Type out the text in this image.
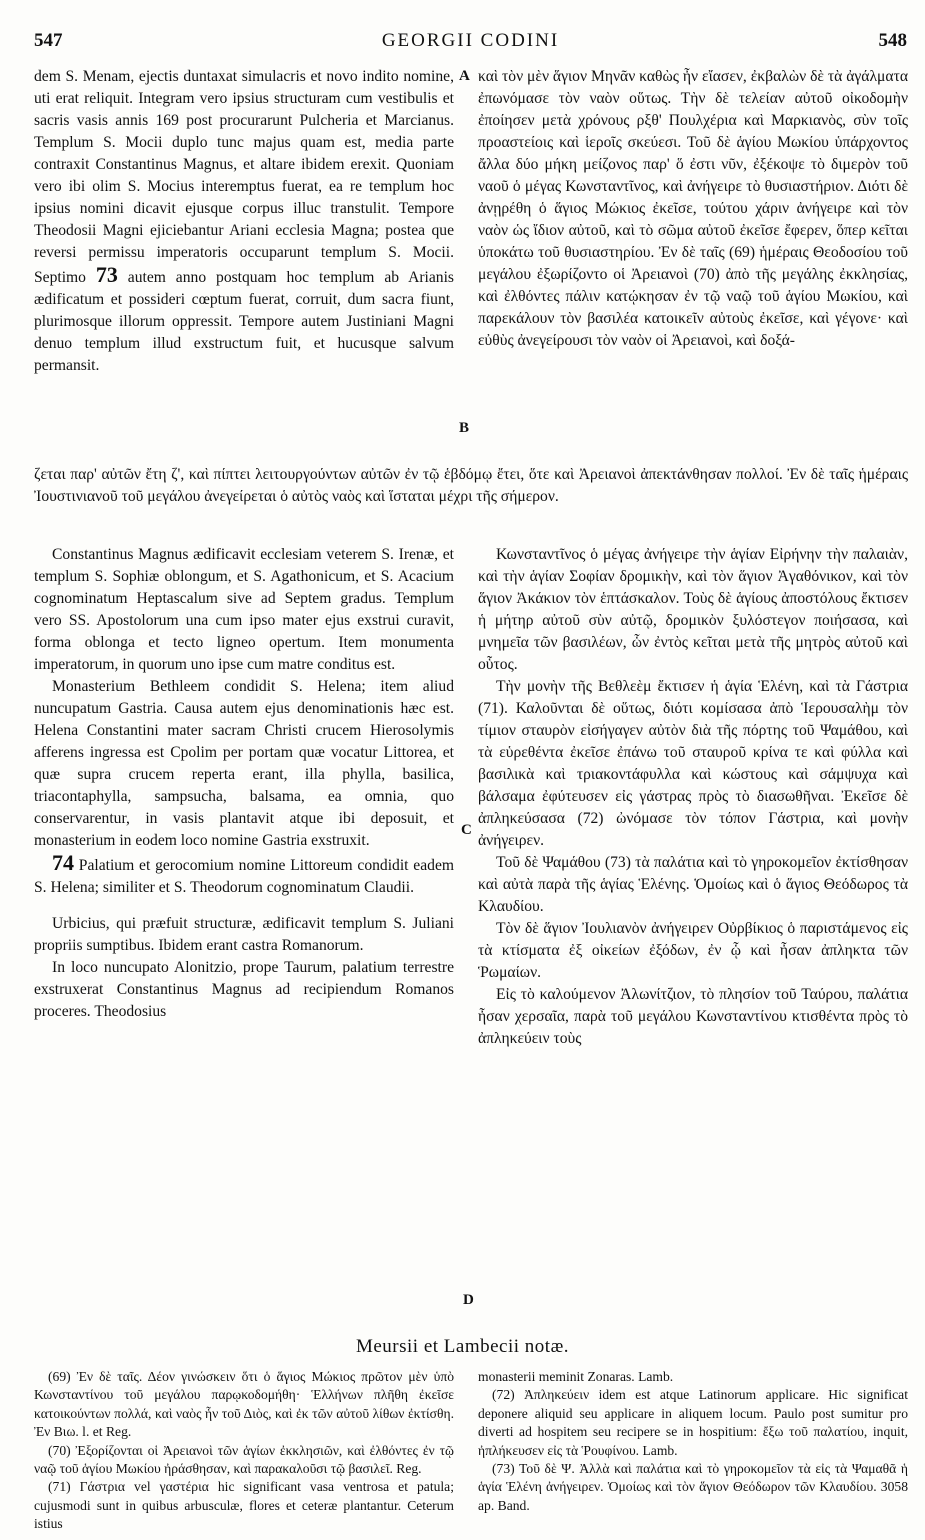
547	GEORGII CODINI	548
A
B
C
D

dem S. Menam, ejectis duntaxat simulacris et novo indito nomine, uti erat reliquit. Integram vero ipsius structuram cum vestibulis et sacris vasis annis 169 post procurarunt Pulcheria et Marcianus. Templum S. Mocii duplo tunc majus quam est, media parte contraxit Constantinus Magnus, et altare ibidem erexit. Quoniam vero ibi olim S. Mocius interemptus fuerat, ea re templum hoc ipsius nomini dicavit ejusque corpus illuc transtulit. Tempore Theodosii Magni ejiciebantur Ariani ecclesia Magna; postea que reversi permissu imperatoris occuparunt templum S. Mocii. Septimo 73 autem anno postquam hoc templum ab Arianis ædificatum et possideri cœptum fuerat, corruit, dum sacra fiunt, plurimosque illorum oppressit. Tempore autem Justiniani Magni denuo templum illud exstructum fuit, et hucusque salvum permansit.

καὶ τὸν μὲν ἅγιον Μηνᾶν καθὼς ἦν εἴασεν, ἐκβαλὼν δὲ τὰ ἀγάλματα ἐπωνόμασε τὸν ναὸν οὕτως. Τὴν δὲ τελείαν αὐτοῦ οἰκοδομὴν ἐποίησεν μετὰ χρόνους ρξθ' Πουλχέρια καὶ Μαρκιανὸς, σὺν τοῖς προαστείοις καὶ ἱεροῖς σκεύεσι. Τοῦ δὲ ἁγίου Μωκίου ὑπάρχοντος ἄλλα δύο μήκη μείζονος παρ' ὅ ἐστι νῦν, ἐξέκοψε τὸ διμερὸν τοῦ ναοῦ ὁ μέγας Κωνσταντῖνος, καὶ ἀνήγειρε τὸ θυσιαστήριον. Διότι δὲ ἀνῃρέθη ὁ ἅγιος Μώκιος ἐκεῖσε, τούτου χάριν ἀνήγειρε καὶ τὸν ναὸν ὡς ἴδιον αὐτοῦ, καὶ τὸ σῶμα αὐτοῦ ἐκεῖσε ἔφερεν, ὅπερ κεῖται ὑποκάτω τοῦ θυσιαστηρίου. Ἐν δὲ ταῖς (69) ἡμέραις Θεοδοσίου τοῦ μεγάλου ἐξωρίζοντο οἱ Ἀρειανοὶ (70) ἀπὸ τῆς μεγάλης ἐκκλησίας, καὶ ἐλθόντες πάλιν κατῴκησαν ἐν τῷ ναῷ τοῦ ἁγίου Μωκίου, καὶ παρεκάλουν τὸν βασιλέα κατοικεῖν αὐτοὺς ἐκεῖσε, καὶ γέγονε· καὶ εὐθὺς ἀνεγείρουσι τὸν ναὸν οἱ Ἀρειανοὶ, καὶ δοξά-

ζεται παρ' αὐτῶν ἔτη ζ', καὶ πίπτει λειτουργούντων αὐτῶν ἐν τῷ ἑβδόμῳ ἔτει, ὅτε καὶ Ἀρειανοὶ ἀπεκτάνθησαν πολλοί. Ἐν δὲ ταῖς ἡμέραις Ἰουστινιανοῦ τοῦ μεγάλου ἀνεγείρεται ὁ αὐτὸς ναὸς καὶ ἵσταται μέχρι τῆς σήμερον.

Constantinus Magnus ædificavit ecclesiam veterem S. Irenæ, et templum S. Sophiæ oblongum, et S. Agathonicum, et S. Acacium cognominatum Heptascalum sive ad Septem gradus. Templum vero SS. Apostolorum una cum ipso mater ejus exstrui curavit, forma oblonga et tecto ligneo opertum. Item monumenta imperatorum, in quorum uno ipse cum matre conditus est.

Monasterium Bethleem condidit S. Helena; item aliud nuncupatum Gastria. Causa autem ejus denominationis hæc est. Helena Constantini mater sacram Christi crucem Hierosolymis afferens ingressa est Cpolim per portam quæ vocatur Littorea, et quæ supra crucem reperta erant, illa phylla, basilica, triacontaphylla, sampsucha, balsama, ea omnia, quo conservarentur, in vasis plantavit atque ibi deposuit, et monasterium in eodem loco nomine Gastria exstruxit.

74 Palatium et gerocomium nomine Littoreum condidit eadem S. Helena; similiter et S. Theodorum cognominatum Claudii.

Urbicius, qui præfuit structuræ, ædificavit templum S. Juliani propriis sumptibus. Ibidem erant castra Romanorum.

In loco nuncupato Alonitzio, prope Taurum, palatium terrestre exstruxerat Constantinus Magnus ad recipiendum Romanos proceres. Theodosius

Κωνσταντῖνος ὁ μέγας ἀνήγειρε τὴν ἁγίαν Εἰρήνην τὴν παλαιὰν, καὶ τὴν ἁγίαν Σοφίαν δρομικὴν, καὶ τὸν ἅγιον Ἀγαθόνικον, καὶ τὸν ἅγιον Ἀκάκιον τὸν ἑπτάσκαλον. Τοὺς δὲ ἁγίους ἀποστόλους ἔκτισεν ἡ μήτηρ αὐτοῦ σὺν αὐτῷ, δρομικὸν ξυλόστεγον ποιήσασα, καὶ μνημεῖα τῶν βασιλέων, ὧν ἐντὸς κεῖται μετὰ τῆς μητρὸς αὐτοῦ καὶ οὗτος.

Τὴν μονὴν τῆς Βεθλεὲμ ἔκτισεν ἡ ἁγία Ἑλένη, καὶ τὰ Γάστρια (71). Καλοῦνται δὲ οὕτως, διότι κομίσασα ἀπὸ Ἱερουσαλὴμ τὸν τίμιον σταυρὸν εἰσήγαγεν αὐτὸν διὰ τῆς πόρτης τοῦ Ψαμάθου, καὶ τὰ εὑρεθέντα ἐκεῖσε ἐπάνω τοῦ σταυροῦ κρίνα τε καὶ φύλλα καὶ βασιλικὰ καὶ τριακοντάφυλλα καὶ κώστους καὶ σάμψυχα καὶ βάλσαμα ἐφύτευσεν εἰς γάστρας πρὸς τὸ διασωθῆναι. Ἐκεῖσε δὲ ἀπληκεύσασα (72) ὠνόμασε τὸν τόπον Γάστρια, καὶ μονὴν ἀνήγειρεν.

Τοῦ δὲ Ψαμάθου (73) τὰ παλάτια καὶ τὸ γηροκομεῖον ἐκτίσθησαν καὶ αὐτὰ παρὰ τῆς ἁγίας Ἑλένης. Ὁμοίως καὶ ὁ ἅγιος Θεόδωρος τὰ Κλαυδίου.

Τὸν δὲ ἅγιον Ἰουλιανὸν ἀνήγειρεν Οὐρβίκιος ὁ παριστάμενος εἰς τὰ κτίσματα ἐξ οἰκείων ἐξόδων, ἐν ᾧ καὶ ἦσαν ἀπληκτα τῶν Ῥωμαίων.

Εἰς τὸ καλούμενον Ἀλωνίτζιον, τὸ πλησίον τοῦ Ταύρου, παλάτια ἦσαν χερσαῖα, παρὰ τοῦ μεγάλου Κωνσταντίνου κτισθέντα πρὸς τὸ ἀπληκεύειν τοὺς

Meursii et Lambecii notæ.

(69) Ἐν δὲ ταῖς. Δέον γινώσκειν ὅτι ὁ ἅγιος Μώκιος πρῶτον μὲν ὑπὸ Κωνσταντίνου τοῦ μεγάλου παρῳκοδομήθη· Ἑλλήνων πλῆθη ἐκεῖσε κατοικούντων πολλά, καὶ ναὸς ἦν τοῦ Διὸς, καὶ ἐκ τῶν αὐτοῦ λίθων ἐκτίσθη. Ἐν Βιω. l. et Reg.

(70) Ἐξορίζονται οἱ Ἀρειανοὶ τῶν ἁγίων ἐκκλησιῶν, καὶ ἐλθόντες ἐν τῷ ναῷ τοῦ ἁγίου Μωκίου ἠράσθησαν, καὶ παρακαλοῦσι τῷ βασιλεῖ. Reg.

(71) Γάστρια vel γαστέρια hic significant vasa ventrosa et patula; cujusmodi sunt in quibus arbusculæ, flores et ceteræ plantantur. Ceterum istius

monasterii meminit Zonaras. Lamb.

(72) Ἀπληκεύειν idem est atque Latinorum applicare. Hic significat deponere aliquid seu applicare in aliquem locum. Paulo post sumitur pro diverti ad hospitem seu recipere se in hospitium: ἔξω τοῦ παλατίου, inquit, ἠπλήκευσεν εἰς τὰ Ῥουφίνου. Lamb.

(73) Τοῦ δὲ Ψ. Ἀλλὰ καὶ παλάτια καὶ τὸ γηροκομεῖον τὰ εἰς τὰ Ψαμαθᾶ ἡ ἁγία Ἑλένη ἀνήγειρεν. Ὁμοίως καὶ τὸν ἅγιον Θεόδωρον τῶν Κλαυδίου. 3058 ap. Band.
